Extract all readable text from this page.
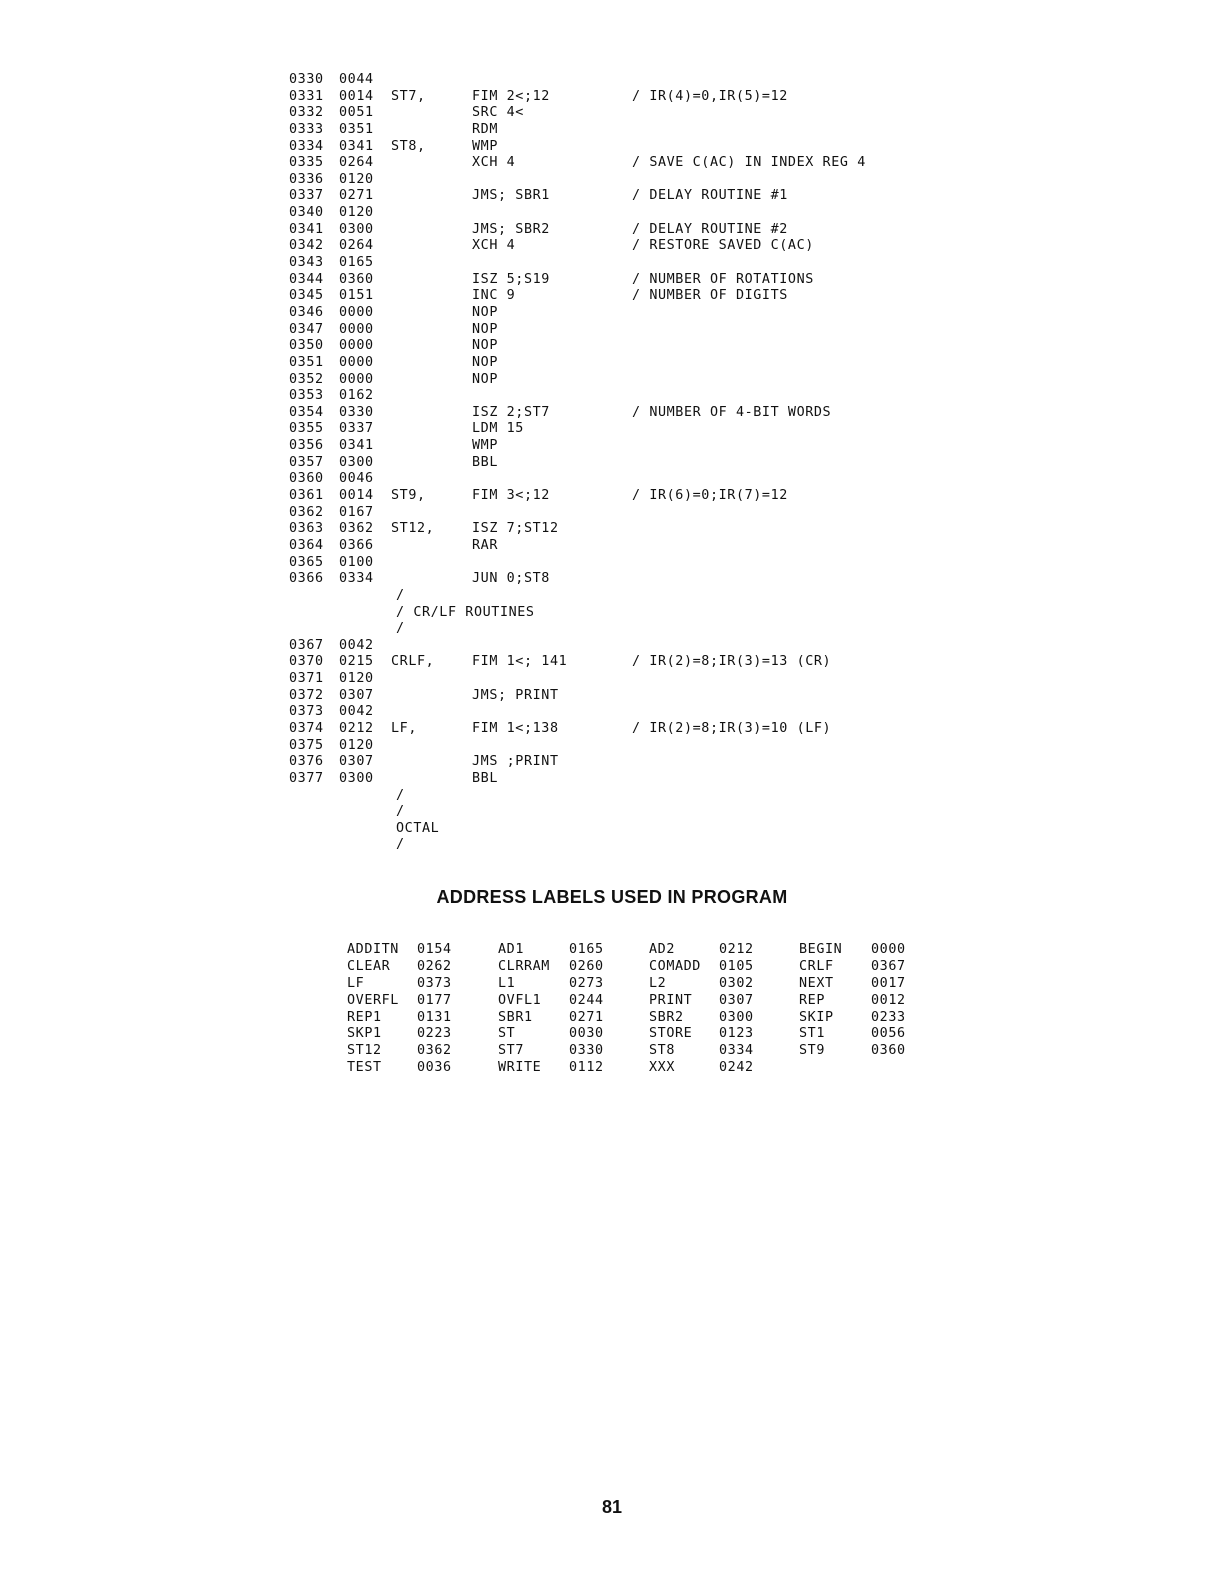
0330 0044
0331 0014 ST7,	FIM 2<;12	/ IR(4)=0,IR(5)=12
0332 0051	SRC 4<
0333 0351	RDM
0334 0341 ST8,	WMP
0335 0264	XCH 4	/ SAVE C(AC) IN INDEX REG 4
0336 0120
0337 0271	JMS; SBR1	/ DELAY ROUTINE #1
0340 0120
0341 0300	JMS; SBR2	/ DELAY ROUTINE #2
0342 0264	XCH 4	/ RESTORE SAVED C(AC)
0343 0165
0344 0360	ISZ 5;S19	/ NUMBER OF ROTATIONS
0345 0151	INC 9	/ NUMBER OF DIGITS
0346 0000	NOP
0347 0000	NOP
0350 0000	NOP
0351 0000	NOP
0352 0000	NOP
0353 0162
0354 0330	ISZ 2;ST7	/ NUMBER OF 4-BIT WORDS
0355 0337	LDM 15
0356 0341	WMP
0357 0300	BBL
0360 0046
0361 0014 ST9,	FIM 3<;12	/ IR(6)=0;IR(7)=12
0362 0167
0363 0362 ST12,	ISZ 7;ST12
0364 0366	RAR
0365 0100
0366 0334	JUN 0;ST8
/
/ CR/LF ROUTINES
/
0367 0042
0370 0215 CRLF,	FIM 1<; 141	/ IR(2)=8;IR(3)=13 (CR)
0371 0120
0372 0307	JMS; PRINT
0373 0042
0374 0212 LF,	FIM 1<;138	/ IR(2)=8;IR(3)=10 (LF)
0375 0120
0376 0307	JMS ;PRINT
0377 0300	BBL
/
/
OCTAL
/
ADDRESS LABELS USED IN PROGRAM
ADDITN 0154	AD1	0165	AD2	0212	BEGIN 0000
CLEAR 0262	CLRRAM 0260	COMADD 0105	CRLF	0367
LF	0373	L1	0273	L2	0302	NEXT	0017
OVERFL 0177	OVFL1 0244	PRINT 0307	REP	0012
REP1	0131	SBR1	0271	SBR2	0300	SKIP	0233
SKP1	0223	ST	0030	STORE 0123	ST1	0056
ST12	0362	ST7	0330	ST8	0334	ST9	0360
TEST	0036	WRITE 0112	XXX	0242
81
